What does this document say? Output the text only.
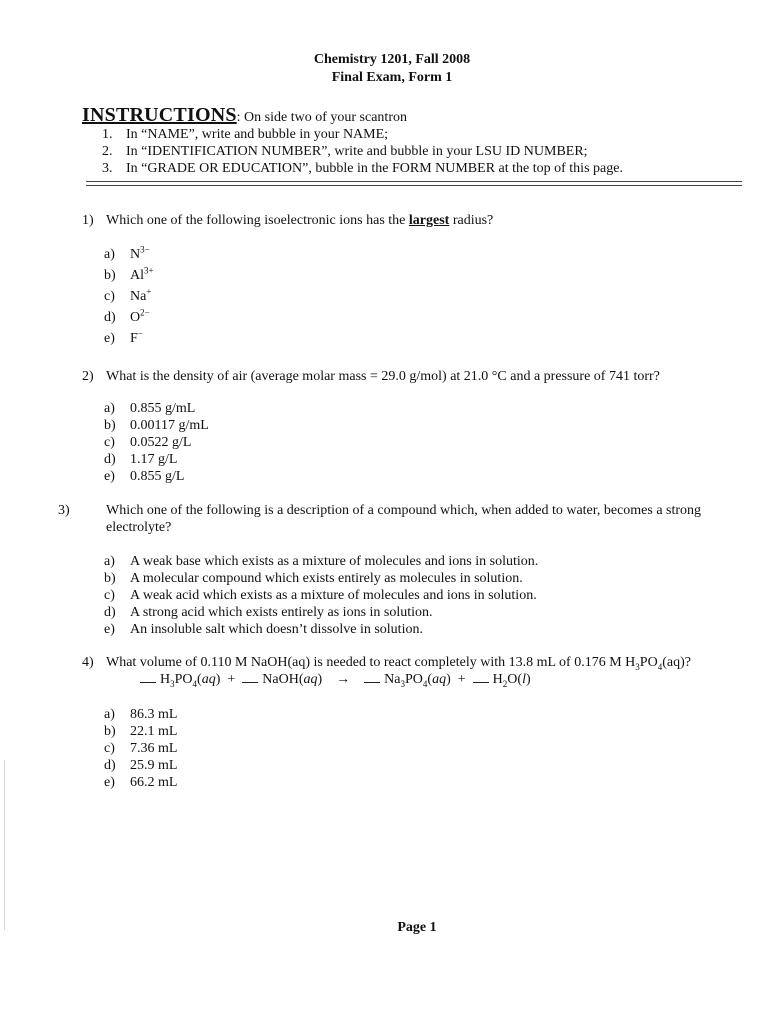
Chemistry 1201, Fall 2008
Final Exam, Form 1
INSTRUCTIONS: On side two of your scantron
1. In “NAME”, write and bubble in your NAME;
2. In “IDENTIFICATION NUMBER”, write and bubble in your LSU ID NUMBER;
3. In “GRADE OR EDUCATION”, bubble in the FORM NUMBER at the top of this page.
1) Which one of the following isoelectronic ions has the largest radius?
a) $N^{3-}$
b) $Al^{3+}$
c) Na+
d) $O^{2-}$
e) F−
2) What is the density of air (average molar mass = 29.0 g/mol) at 21.0 °C and a pressure of 741 torr?
a) 0.855 g/mL
b) 0.00117 g/mL
c) 0.0522 g/L
d) 1.17 g/L
e) 0.855 g/L
3)	Which one of the following is a description of a compound which, when added to water, becomes a strong electrolyte?
a) A weak base which exists as a mixture of molecules and ions in solution.
b) A molecular compound which exists entirely as molecules in solution.
c) A weak acid which exists as a mixture of molecules and ions in solution.
d) A strong acid which exists entirely as ions in solution.
e) An insoluble salt which doesn’t dissolve in solution.
4) What volume of 0.110 M NaOH(aq) is needed to react completely with 13.8 mL of 0.176 M $H_3PO_4(aq)$?
$H_3PO_4(aq)$ + NaOH(aq) → $Na_3PO_4(aq) + H_2O(l)$
a) 86.3 mL
b) 22.1 mL
c) 7.36 mL
d) 25.9 mL
e) 66.2 mL
Page 1
